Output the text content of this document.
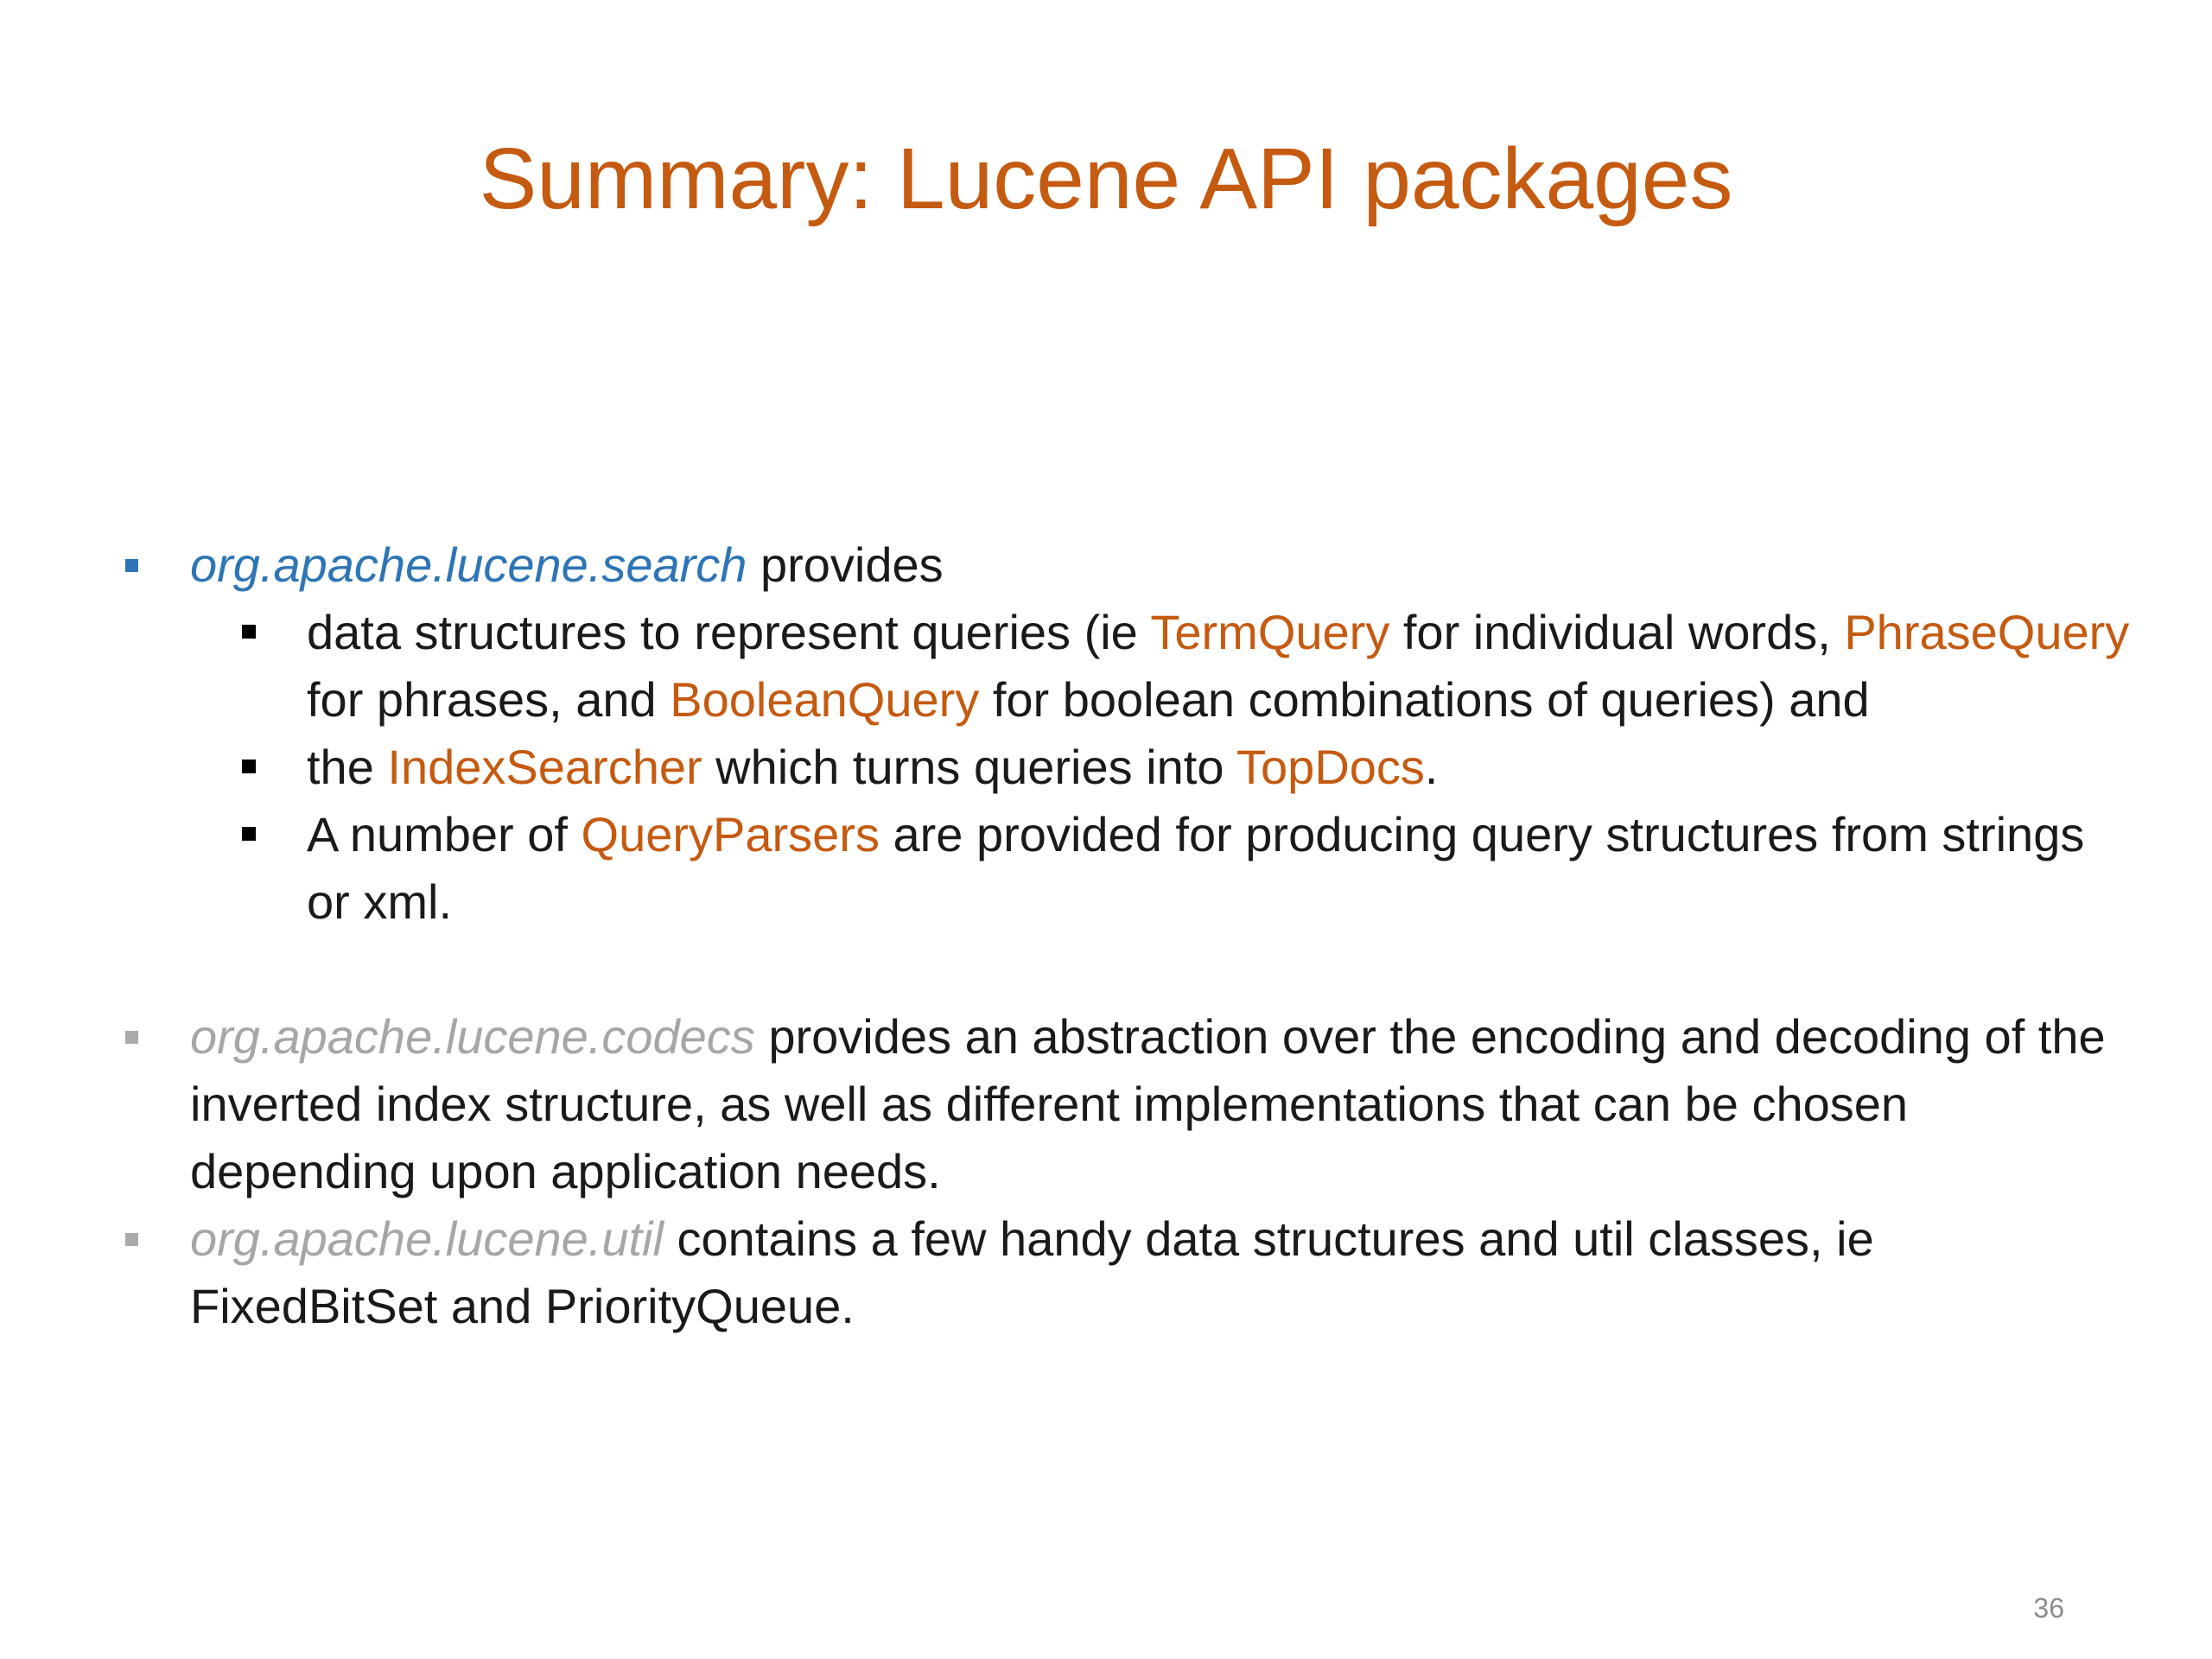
Summary: Lucene API packages
org.apache.lucene.search provides
data structures to represent queries (ie TermQuery for individual words, PhraseQuery for phrases, and BooleanQuery for boolean combinations of queries) and
the IndexSearcher which turns queries into TopDocs.
A number of QueryParsers are provided for producing query structures from strings or xml.
org.apache.lucene.codecs provides an abstraction over the encoding and decoding of the inverted index structure, as well as different implementations that can be chosen depending upon application needs.
org.apache.lucene.util contains a few handy data structures and util classes, ie FixedBitSet and PriorityQueue.
36
